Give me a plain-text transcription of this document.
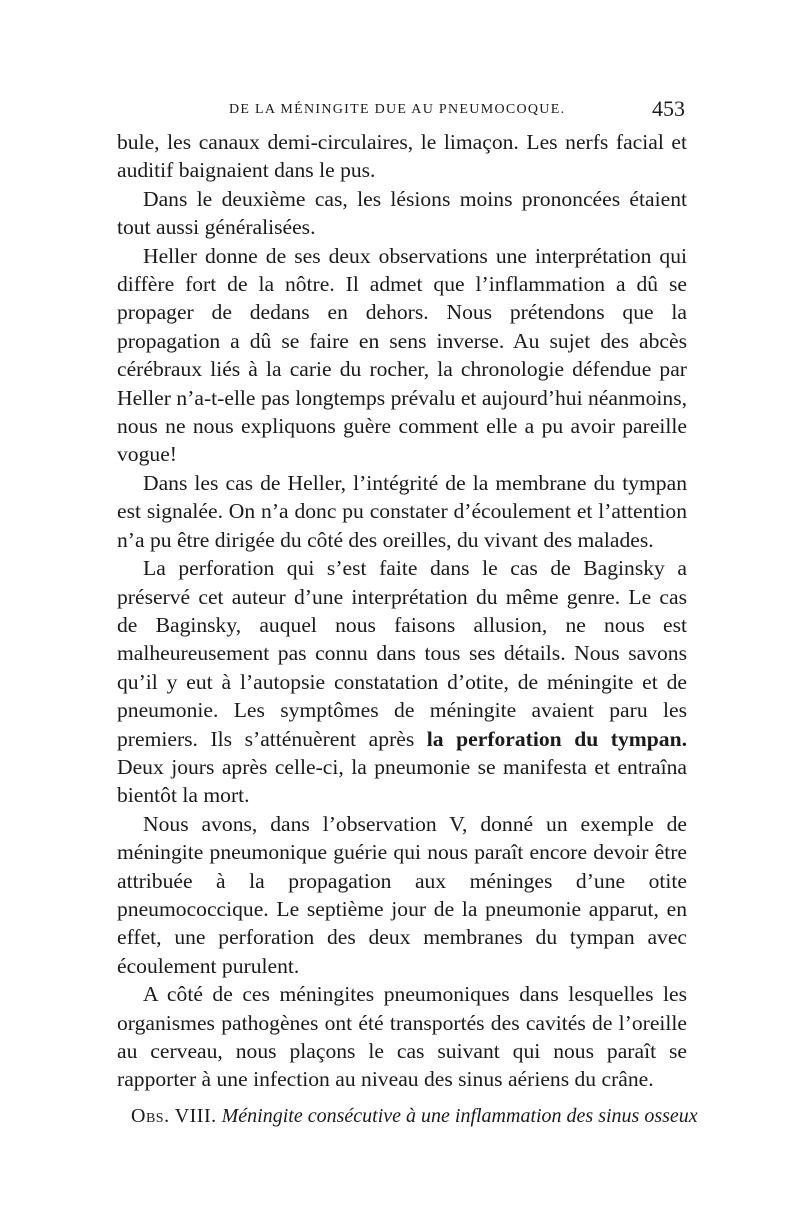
DE LA MÉNINGITE DUE AU PNEUMOCOQUE.	453

bule, les canaux demi-circulaires, le limaçon. Les nerfs facial et auditif baignaient dans le pus.

Dans le deuxième cas, les lésions moins prononcées étaient tout aussi généralisées.

Heller donne de ses deux observations une interprétation qui diffère fort de la nôtre. Il admet que l’inflammation a dû se propager de dedans en dehors. Nous prétendons que la propagation a dû se faire en sens inverse. Au sujet des abcès cérébraux liés à la carie du rocher, la chronologie défendue par Heller n’a-t-elle pas longtemps prévalu et aujourd’hui néanmoins, nous ne nous expliquons guère comment elle a pu avoir pareille vogue!

Dans les cas de Heller, l’intégrité de la membrane du tympan est signalée. On n’a donc pu constater d’écoulement et l’attention n’a pu être dirigée du côté des oreilles, du vivant des malades.

La perforation qui s’est faite dans le cas de Baginsky a préservé cet auteur d’une interprétation du même genre. Le cas de Baginsky, auquel nous faisons allusion, ne nous est malheureusement pas connu dans tous ses détails. Nous savons qu’il y eut à l’autopsie constatation d’otite, de méningite et de pneumonie. Les symptômes de méningite avaient paru les premiers. Ils s’atténuèrent après la perforation du tympan. Deux jours après celle-ci, la pneumonie se manifesta et entraîna bientôt la mort.

Nous avons, dans l’observation V, donné un exemple de méningite pneumonique guérie qui nous paraît encore devoir être attribuée à la propagation aux méninges d’une otite pneumococcique. Le septième jour de la pneumonie apparut, en effet, une perforation des deux membranes du tympan avec écoulement purulent.

A côté de ces méningites pneumoniques dans lesquelles les organismes pathogènes ont été transportés des cavités de l’oreille au cerveau, nous plaçons le cas suivant qui nous paraît se rapporter à une infection au niveau des sinus aériens du crâne.

Obs. VIII. Méningite consécutive à une inflammation des sinus osseux
